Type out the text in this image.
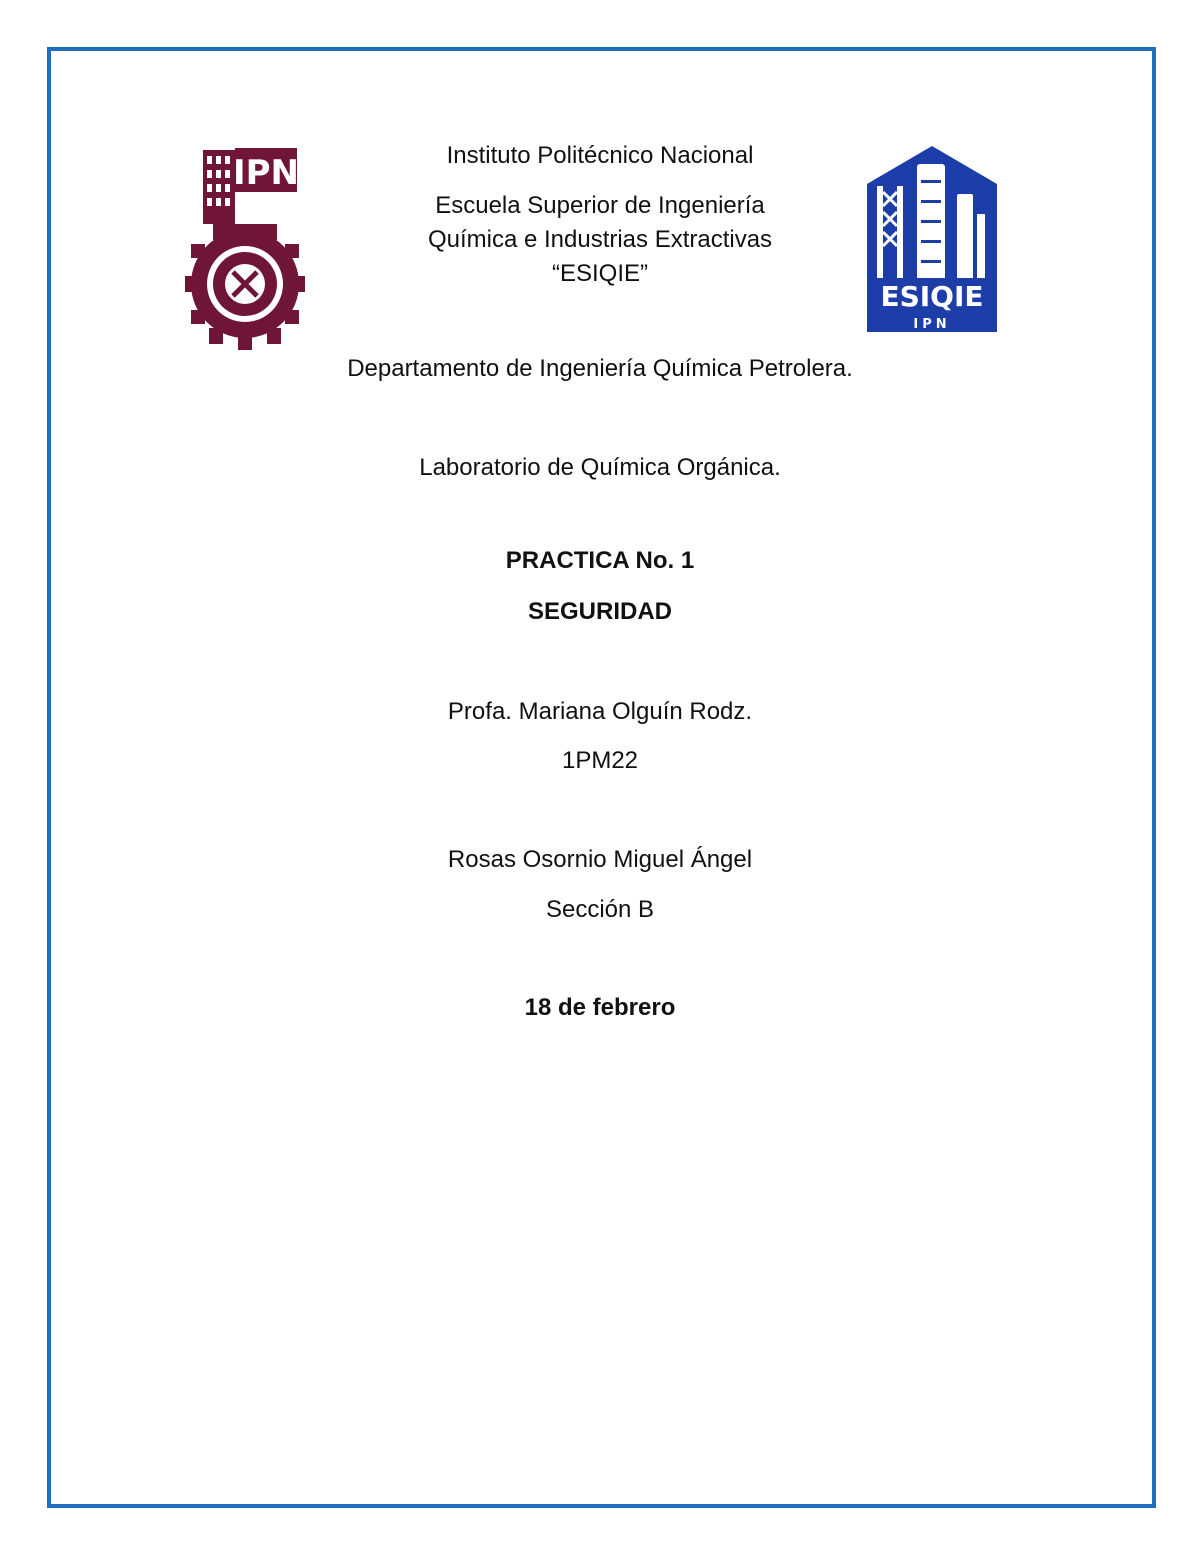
IPN
ESIQIE
IPN
Instituto Politécnico Nacional
Escuela Superior de Ingeniería
Química e Industrias Extractivas
“ESIQIE”
Departamento de Ingeniería Química Petrolera.
Laboratorio de Química Orgánica.
PRACTICA No. 1
SEGURIDAD
Profa. Mariana Olguín Rodz.
1PM22
Rosas Osornio Miguel Ángel
Sección B
18 de febrero
